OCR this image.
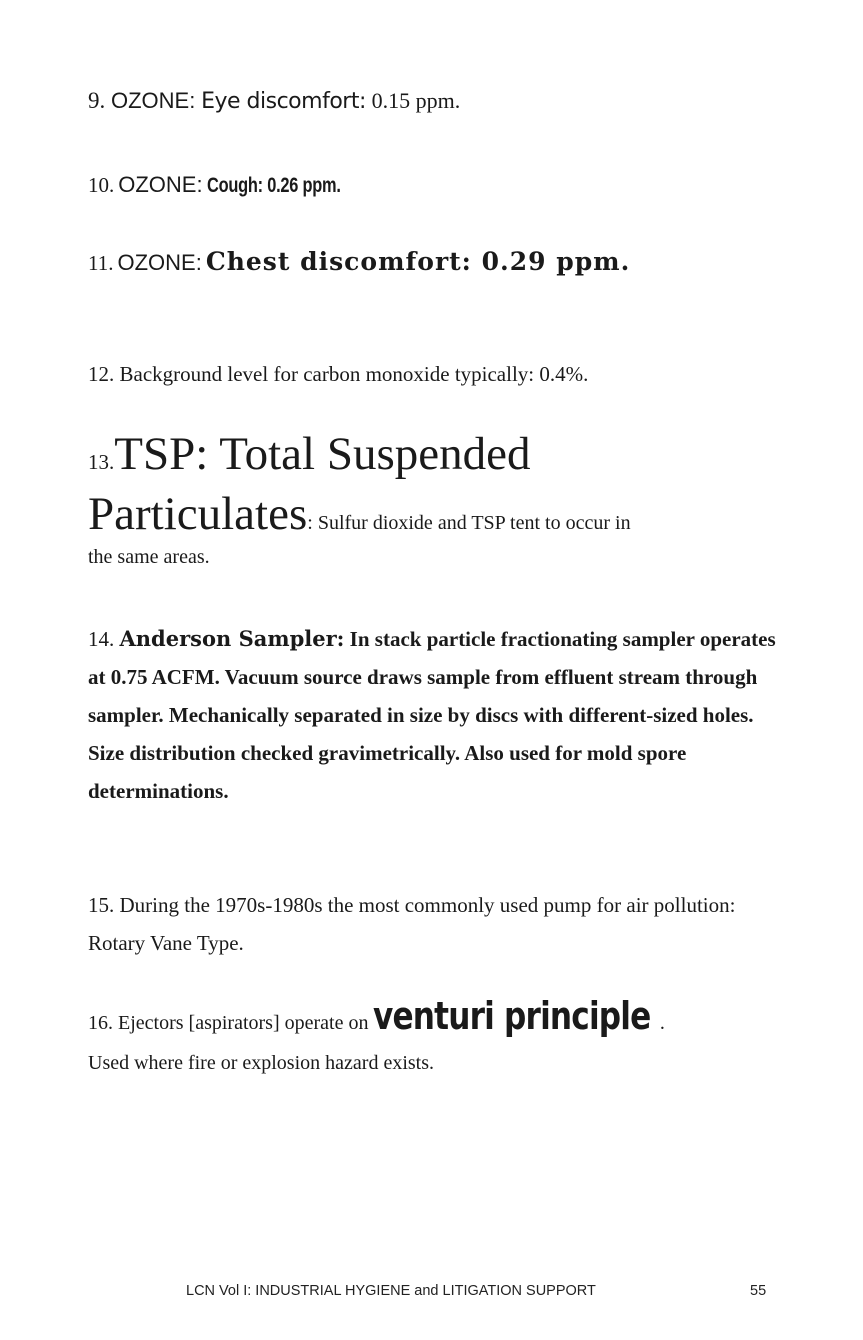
9. OZONE: Eye discomfort: 0.15 ppm.

10. OZONE: Cough: 0.26 ppm.

11. OZONE: Chest discomfort: 0.29 ppm.

12. Background level for carbon monoxide typically: 0.4%.

13.TSP: Total Suspended
Particulates: Sulfur dioxide and TSP tent to occur in
the same areas.

14. Anderson Sampler: In stack particle fractionating sampler operates at 0.75 ACFM. Vacuum source draws sample from effluent stream through sampler. Mechanically separated in size by discs with different-sized holes. Size distribution checked gravimetrically. Also used for mold spore determinations.

15. During the 1970s-1980s the most commonly used pump for air pollution: Rotary Vane Type.

16. Ejectors [aspirators] operate on venturi principle .
Used where fire or explosion hazard exists.

LCN Vol I: INDUSTRIAL HYGIENE and LITIGATION SUPPORT	55
